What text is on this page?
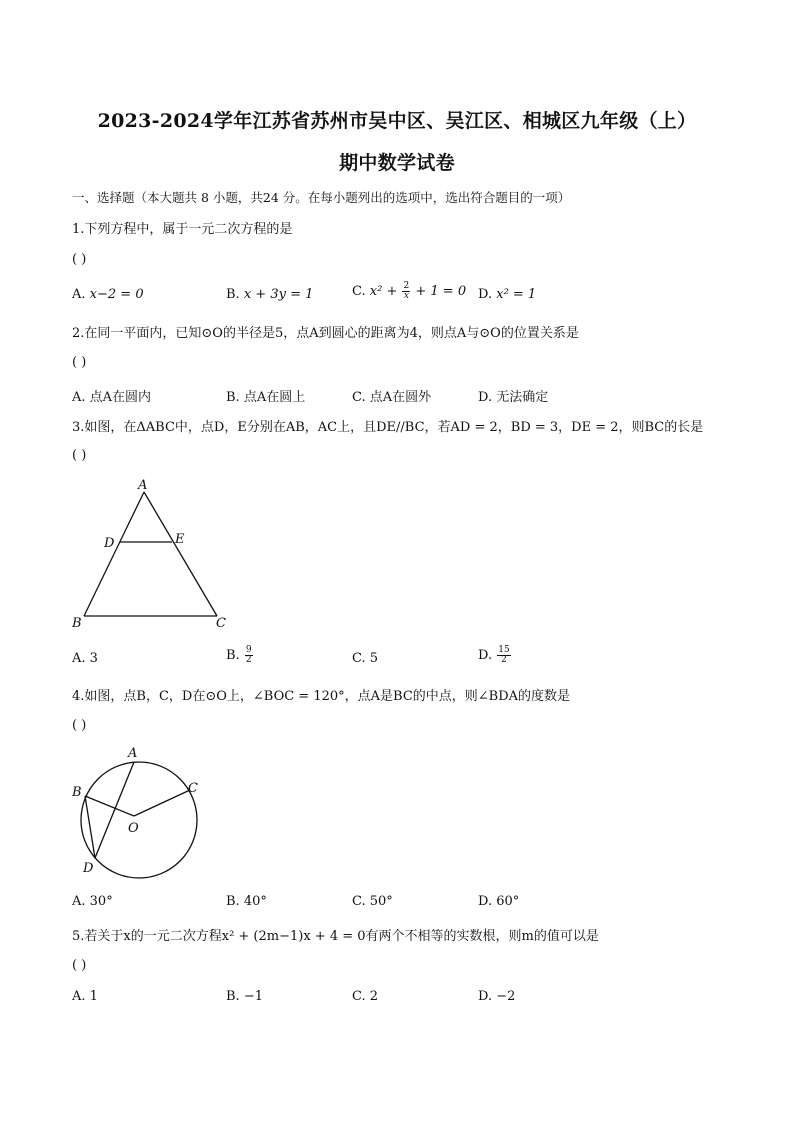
2023-2024学年江苏省苏州市吴中区、吴江区、相城区九年级（上）
期中数学试卷
一、选择题（本大题共 8 小题，共24 分。在每小题列出的选项中，选出符合题目的一项）
1.下列方程中，属于一元二次方程的是
( )
A. x−2 = 0	B. x + 3y = 1	C. $x^2 + \frac{2}{x} + 1 = 0$ D. x² = 1
2.在同一平面内，已知⊙O的半径是5，点A到圆心的距离为4，则点A与⊙O的位置关系是
( )
A. 点A在圆内	B. 点A在圆上	C. 点A在圆外	D. 无法确定
3.如图，在ΔABC中，点D，E分别在AB，AC上，且DE//BC，若AD = 2，BD = 3，DE = 2，则BC的长是
( )
A
D	E
B	C
A. 3	B. $\frac{9}{2}$	C. 5	D. $\frac{15}{2}$
4.如图，点B，C，D在⊙O上，∠BOC = 120°，点A是BC的中点，则∠BDA的度数是
( )
A
B	C
O
D
A. 30°	B. 40°	C. 50°	D. 60°
5.若关于x的一元二次方程x² + (2m−1)x + 4 = 0有两个不相等的实数根，则m的值可以是
( )
A. 1	B. −1	C. 2	D. −2
